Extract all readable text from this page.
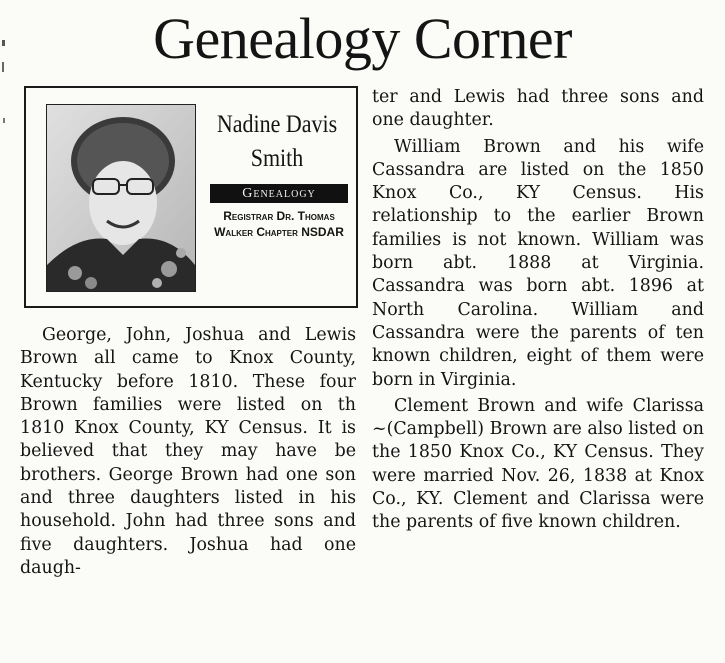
Genealogy Corner
Nadine Davis Smith
Genealogy
Registrar Dr. Thomas Walker Chapter NSDAR

George, John, Joshua and Lewis Brown all came to Knox County, Kentucky before 1810. These four Brown families were listed on th 1810 Knox County, KY Census. It is believed that they may have be brothers. George Brown had one son and three daughters listed in his household. John had three sons and five daughters. Joshua had one daugh-

ter and Lewis had three sons and one daughter.

William Brown and his wife Cassandra are listed on the 1850 Knox Co., KY Census. His relationship to the earlier Brown families is not known. William was born abt. 1888 at Virginia. Cassandra was born abt. 1896 at North Carolina. William and Cassandra were the parents of ten known children, eight of them were born in Virginia.

Clement Brown and wife Clarissa ~(Campbell) Brown are also listed on the 1850 Knox Co., KY Census. They were married Nov. 26, 1838 at Knox Co., KY. Clement and Clarissa were the parents of five known children.
